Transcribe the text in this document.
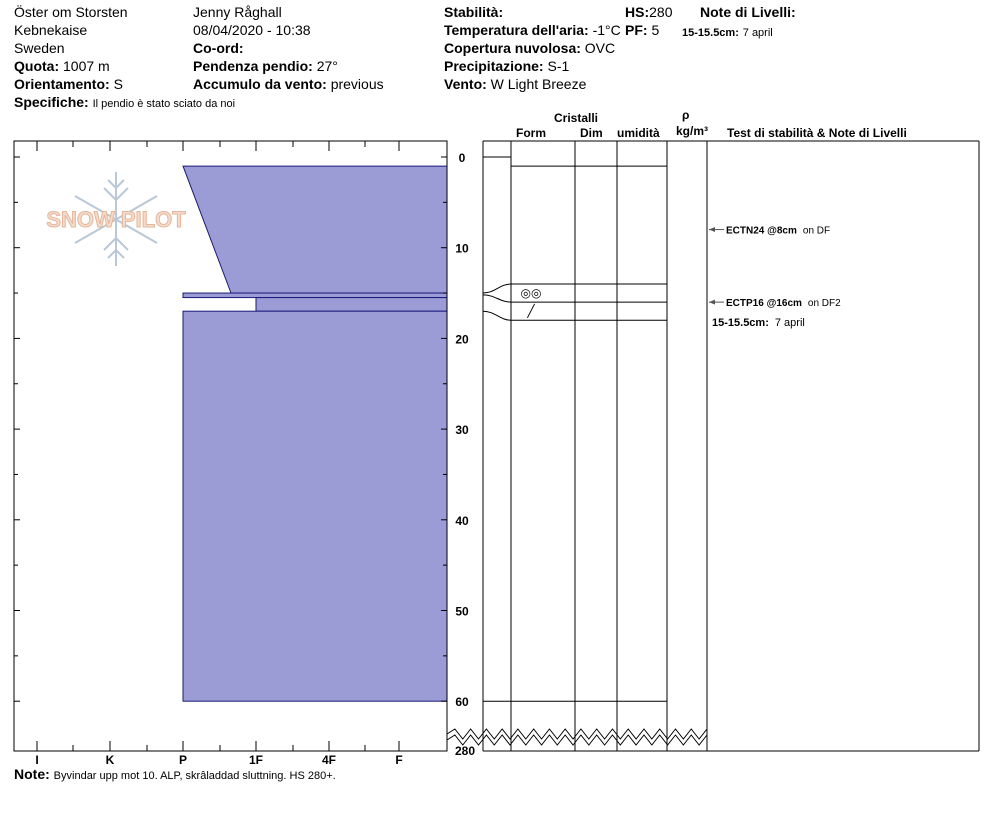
Öster om Storsten
Kebnekaise
Sweden
Quota: 1007 m
Orientamento: S
Specifiche: Il pendio è stato sciato da noi
Jenny Råghall
08/04/2020 - 10:38
Co-ord:
Pendenza pendio: 27°
Accumulo da vento: previous
Stabilità:
Temperatura dell'aria: -1°C
Copertura nuvolosa: OVC
Precipitazione: S-1
Vento: W Light Breeze
HS:280
PF: 5
Note di Livelli:
15-15.5cm: 7 april
Cristalli
Form	Dim umidità
ρ
kg/m³ Test di stabilità & Note di Livelli
SNOW PILOT
I	K	P	1F	4F	F
0
10
20
30
40
50
60
280
◎◎
╱
ECTN24 @8cm on DF
ECTP16 @16cm on DF2
15-15.5cm: 7 april
Note: Byvindar upp mot 10. ALP, skrâladdad sluttning. HS 280+.
